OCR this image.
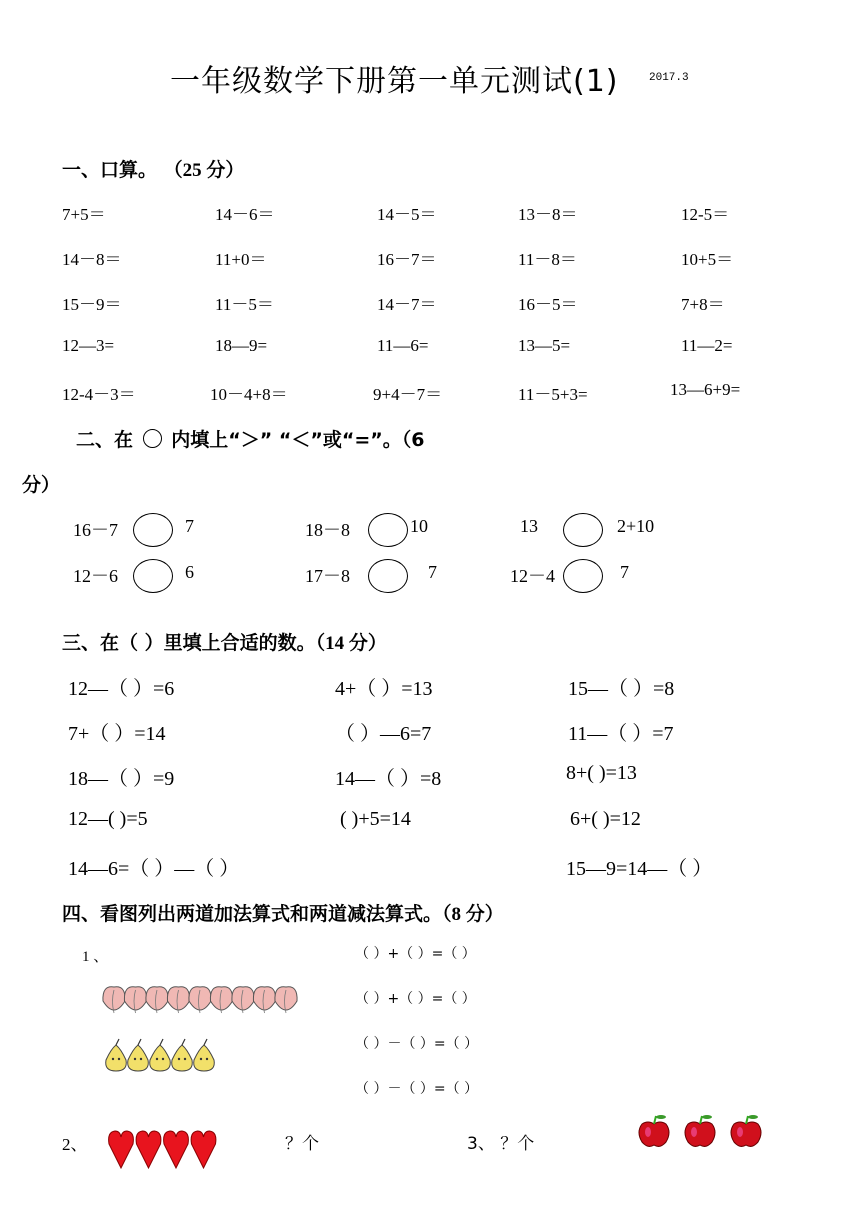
一年级数学下册第一单元测试(1)	2017.3
一、口算。 （25 分）
7+5＝	14－6＝	14－5＝	13－8＝	12-5＝
14－8＝	11+0＝	16－7＝	11－8＝	10+5＝
15－9＝	11－5＝	14－7＝	16－5＝	7+8＝
12—3=	18—9=	11—6=	13—5=	11—2=
12-4－3＝	10－4+8＝	9+4－7＝	11－5+3=	13—6+9=
二、在 内填上“＞” “＜”或“=”。（6
分）
16－7	7	18－8	10	13	2+10
12－6	6	17－8	7	12－4	7
三、在（ ）里填上合适的数。（14 分）
12—（ ）=6	4+（ ）=13	15—（ ）=8
7+（ ）=14	（ ）—6=7	11—（ ）=7
18—（ ）=9	14—（ ）=8	8+( )=13
12—( )=5	( )+5=14	6+( )=12
14—6=（ ）—（ ）	15—9=14—（ ）
四、看图列出两道加法算式和两道减法算式。（8 分）
1 、	（ ）+（ ）=（ ）
（ ）+（ ）=（ ）
（ ）－（ ）=（ ）
（ ）－（ ）=（ ）
2、	？个	3、 ？个
